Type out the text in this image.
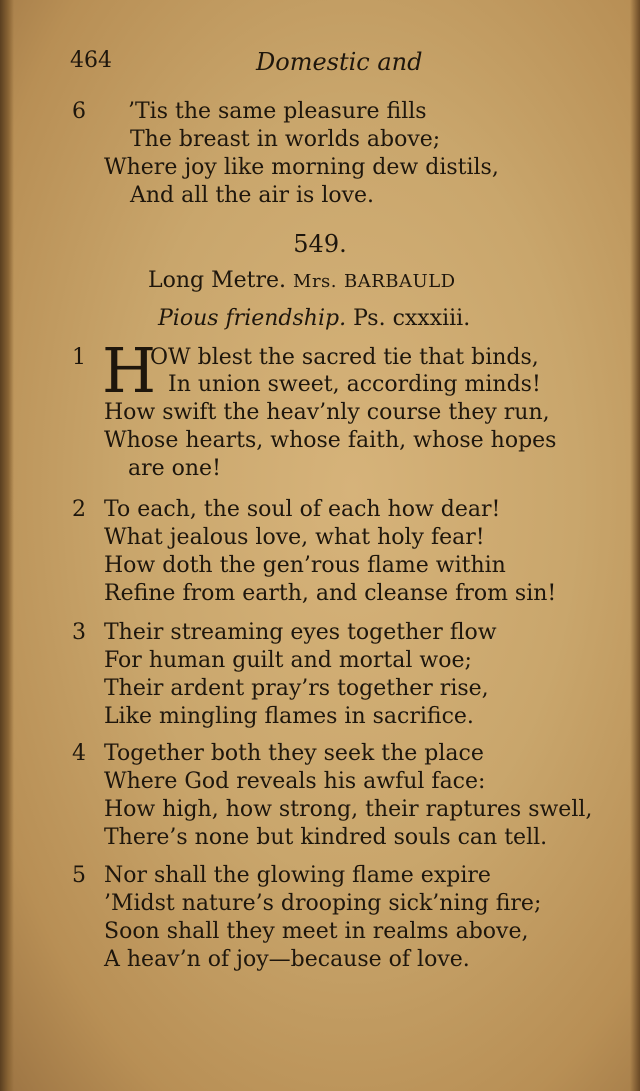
464	Domestic and
6 ’Tis the same pleasure fills
The breast in worlds above;
Where joy like morning dew distils,
And all the air is love.
549.
Long Metre. Mrs. BARBAULD
Pious friendship. Ps. cxxxiii.
1 H
OW blest the sacred tie that binds,
In union sweet, according minds!
How swift the heav’nly course they run,
Whose hearts, whose faith, whose hopes
are one!
2 To each, the soul of each how dear!
What jealous love, what holy fear!
How doth the gen’rous flame within
Refine from earth, and cleanse from sin!
3 Their streaming eyes together flow
For human guilt and mortal woe;
Their ardent pray’rs together rise,
Like mingling flames in sacrifice.
4 Together both they seek the place
Where God reveals his awful face:
How high, how strong, their raptures swell,
There’s none but kindred souls can tell.
5 Nor shall the glowing flame expire
’Midst nature’s drooping sick’ning fire;
Soon shall they meet in realms above,
A heav’n of joy—because of love.
